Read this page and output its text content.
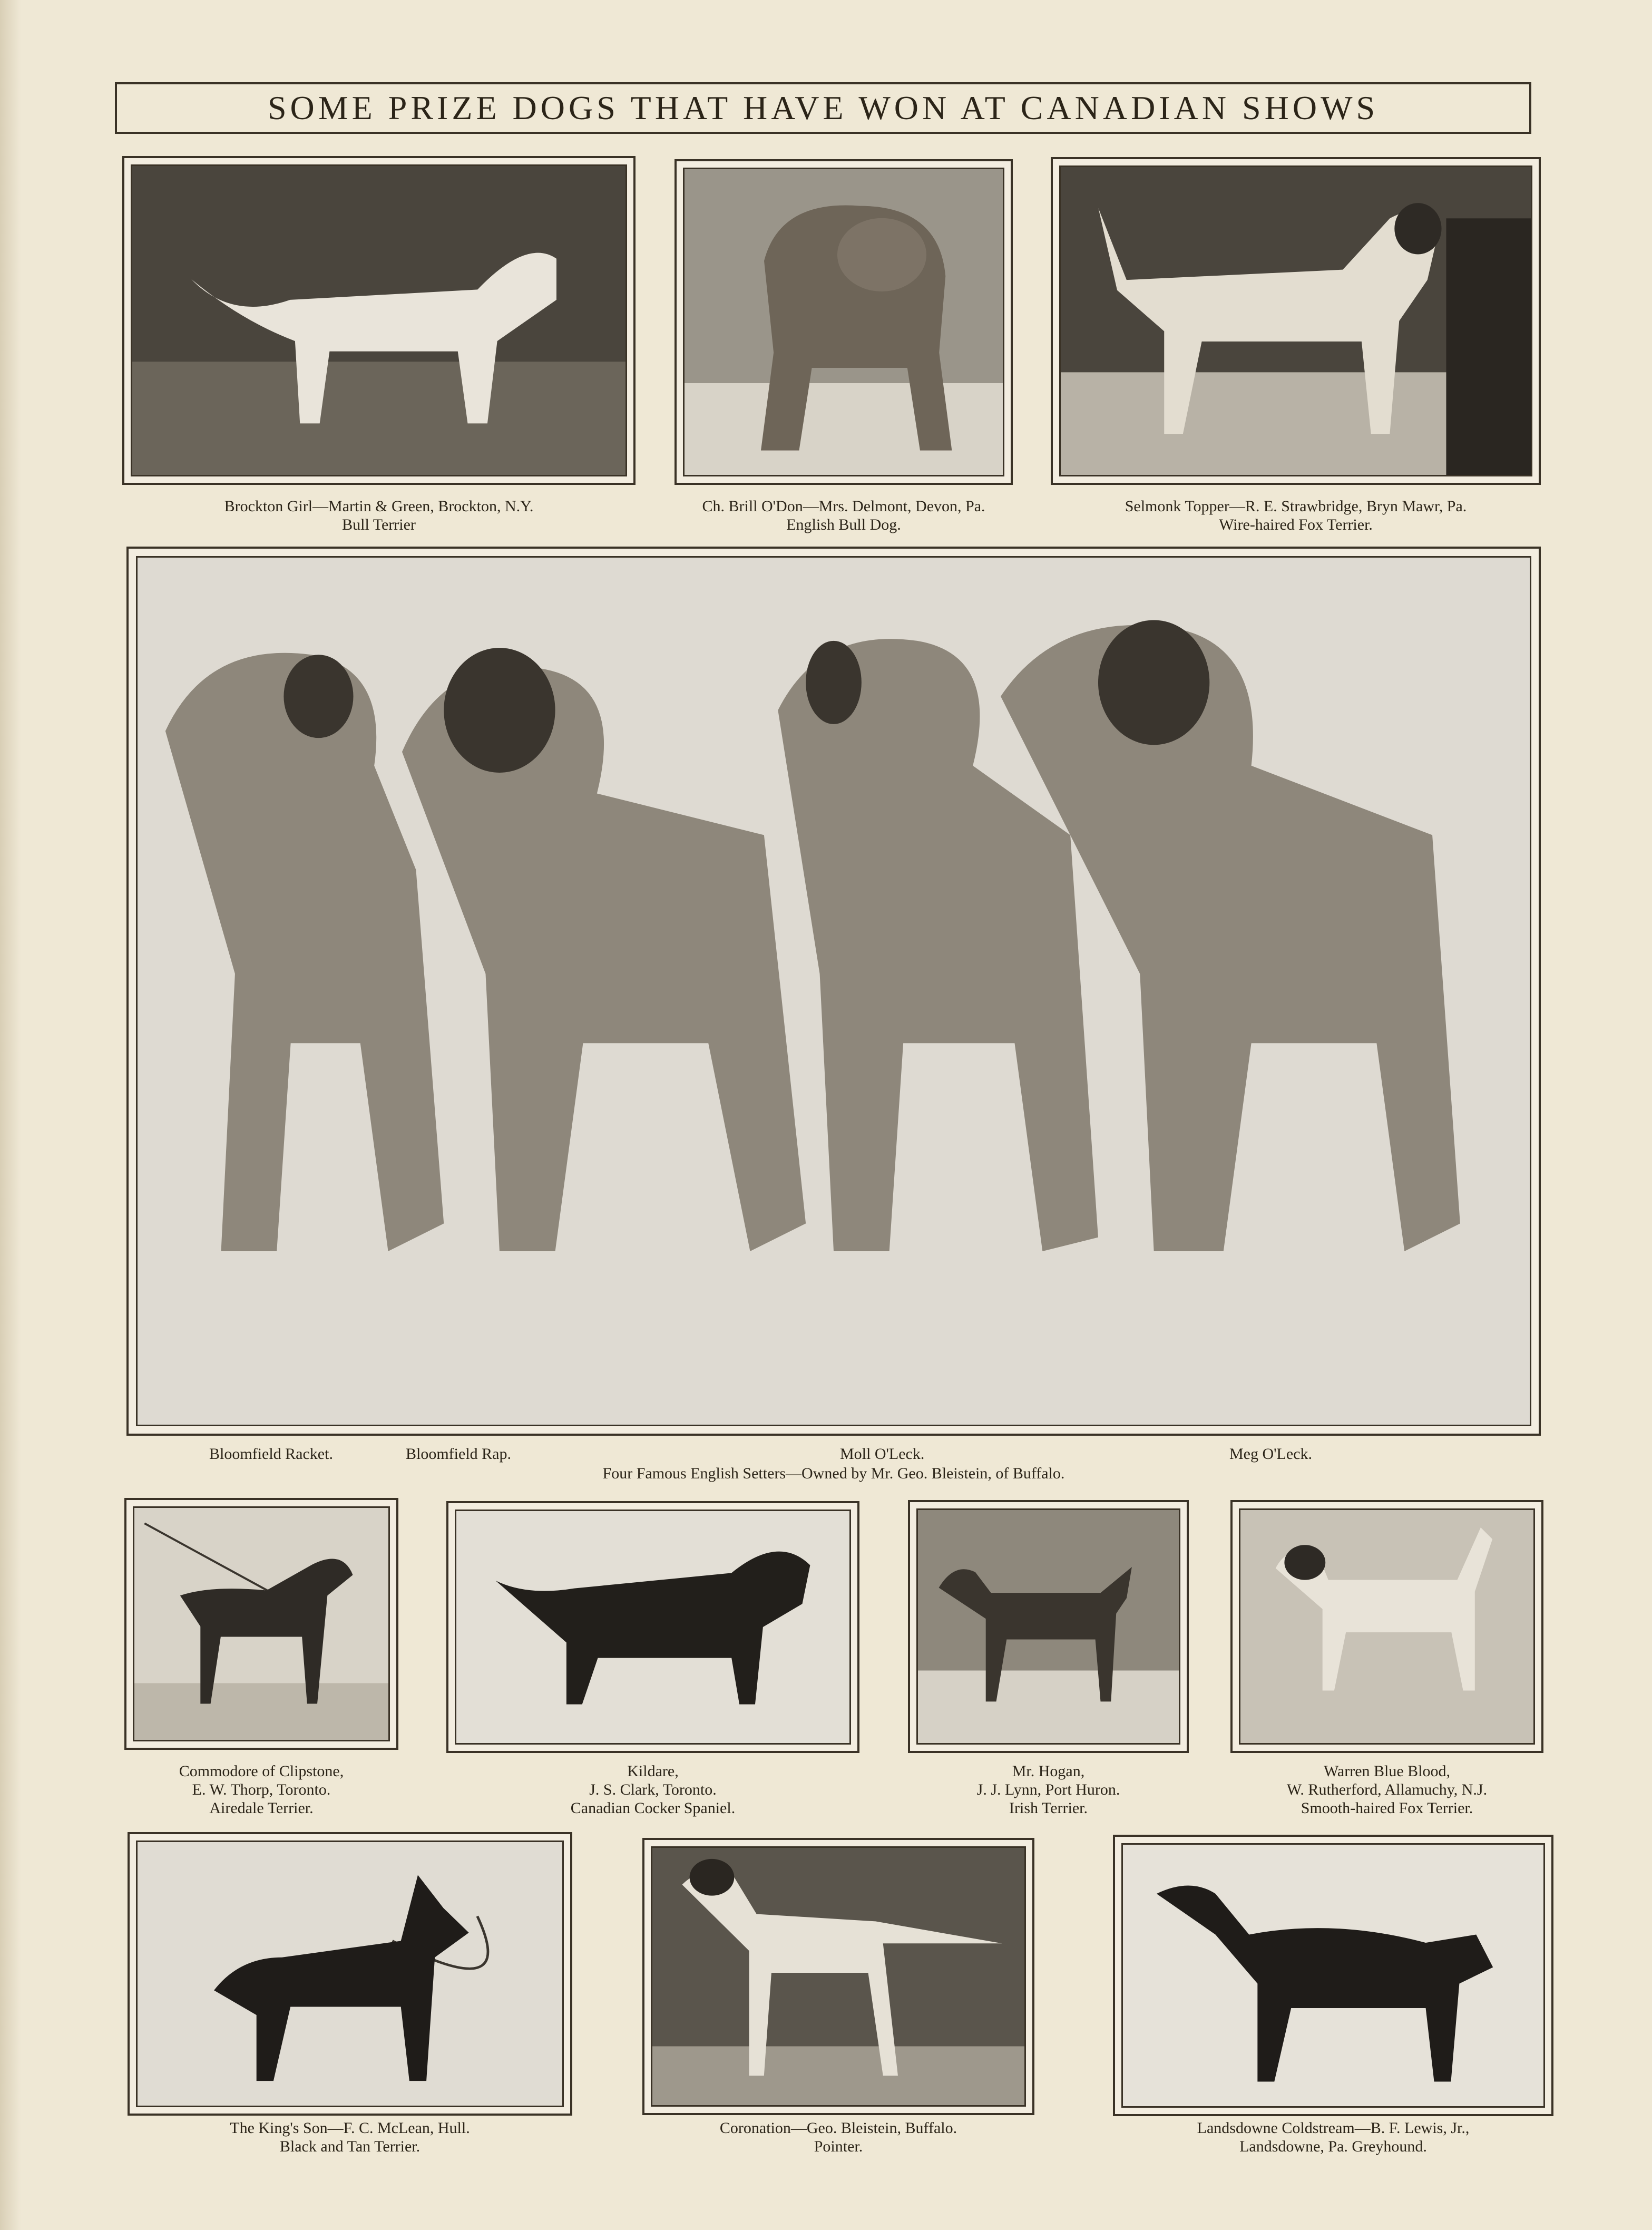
SOME PRIZE DOGS THAT HAVE WON AT CANADIAN SHOWS
Brockton Girl—Martin & Green, Brockton, N.Y.
Bull Terrier
Ch. Brill O'Don—Mrs. Delmont, Devon, Pa.
English Bull Dog.
Selmonk Topper—R. E. Strawbridge, Bryn Mawr, Pa.
Wire-haired Fox Terrier.
Bloomfield Racket.	Bloomfield Rap.	Moll O'Leck.	Meg O'Leck.
Four Famous English Setters—Owned by Mr. Geo. Bleistein, of Buffalo.
Commodore of Clipstone,
E. W. Thorp, Toronto.
Airedale Terrier.
Kildare,
J. S. Clark, Toronto.
Canadian Cocker Spaniel.
Mr. Hogan,
J. J. Lynn, Port Huron.
Irish Terrier.
Warren Blue Blood,
W. Rutherford, Allamuchy, N.J.
Smooth-haired Fox Terrier.
The King's Son—F. C. McLean, Hull.
Black and Tan Terrier.
Coronation—Geo. Bleistein, Buffalo.
Pointer.
Landsdowne Coldstream—B. F. Lewis, Jr.,
Landsdowne, Pa. Greyhound.
